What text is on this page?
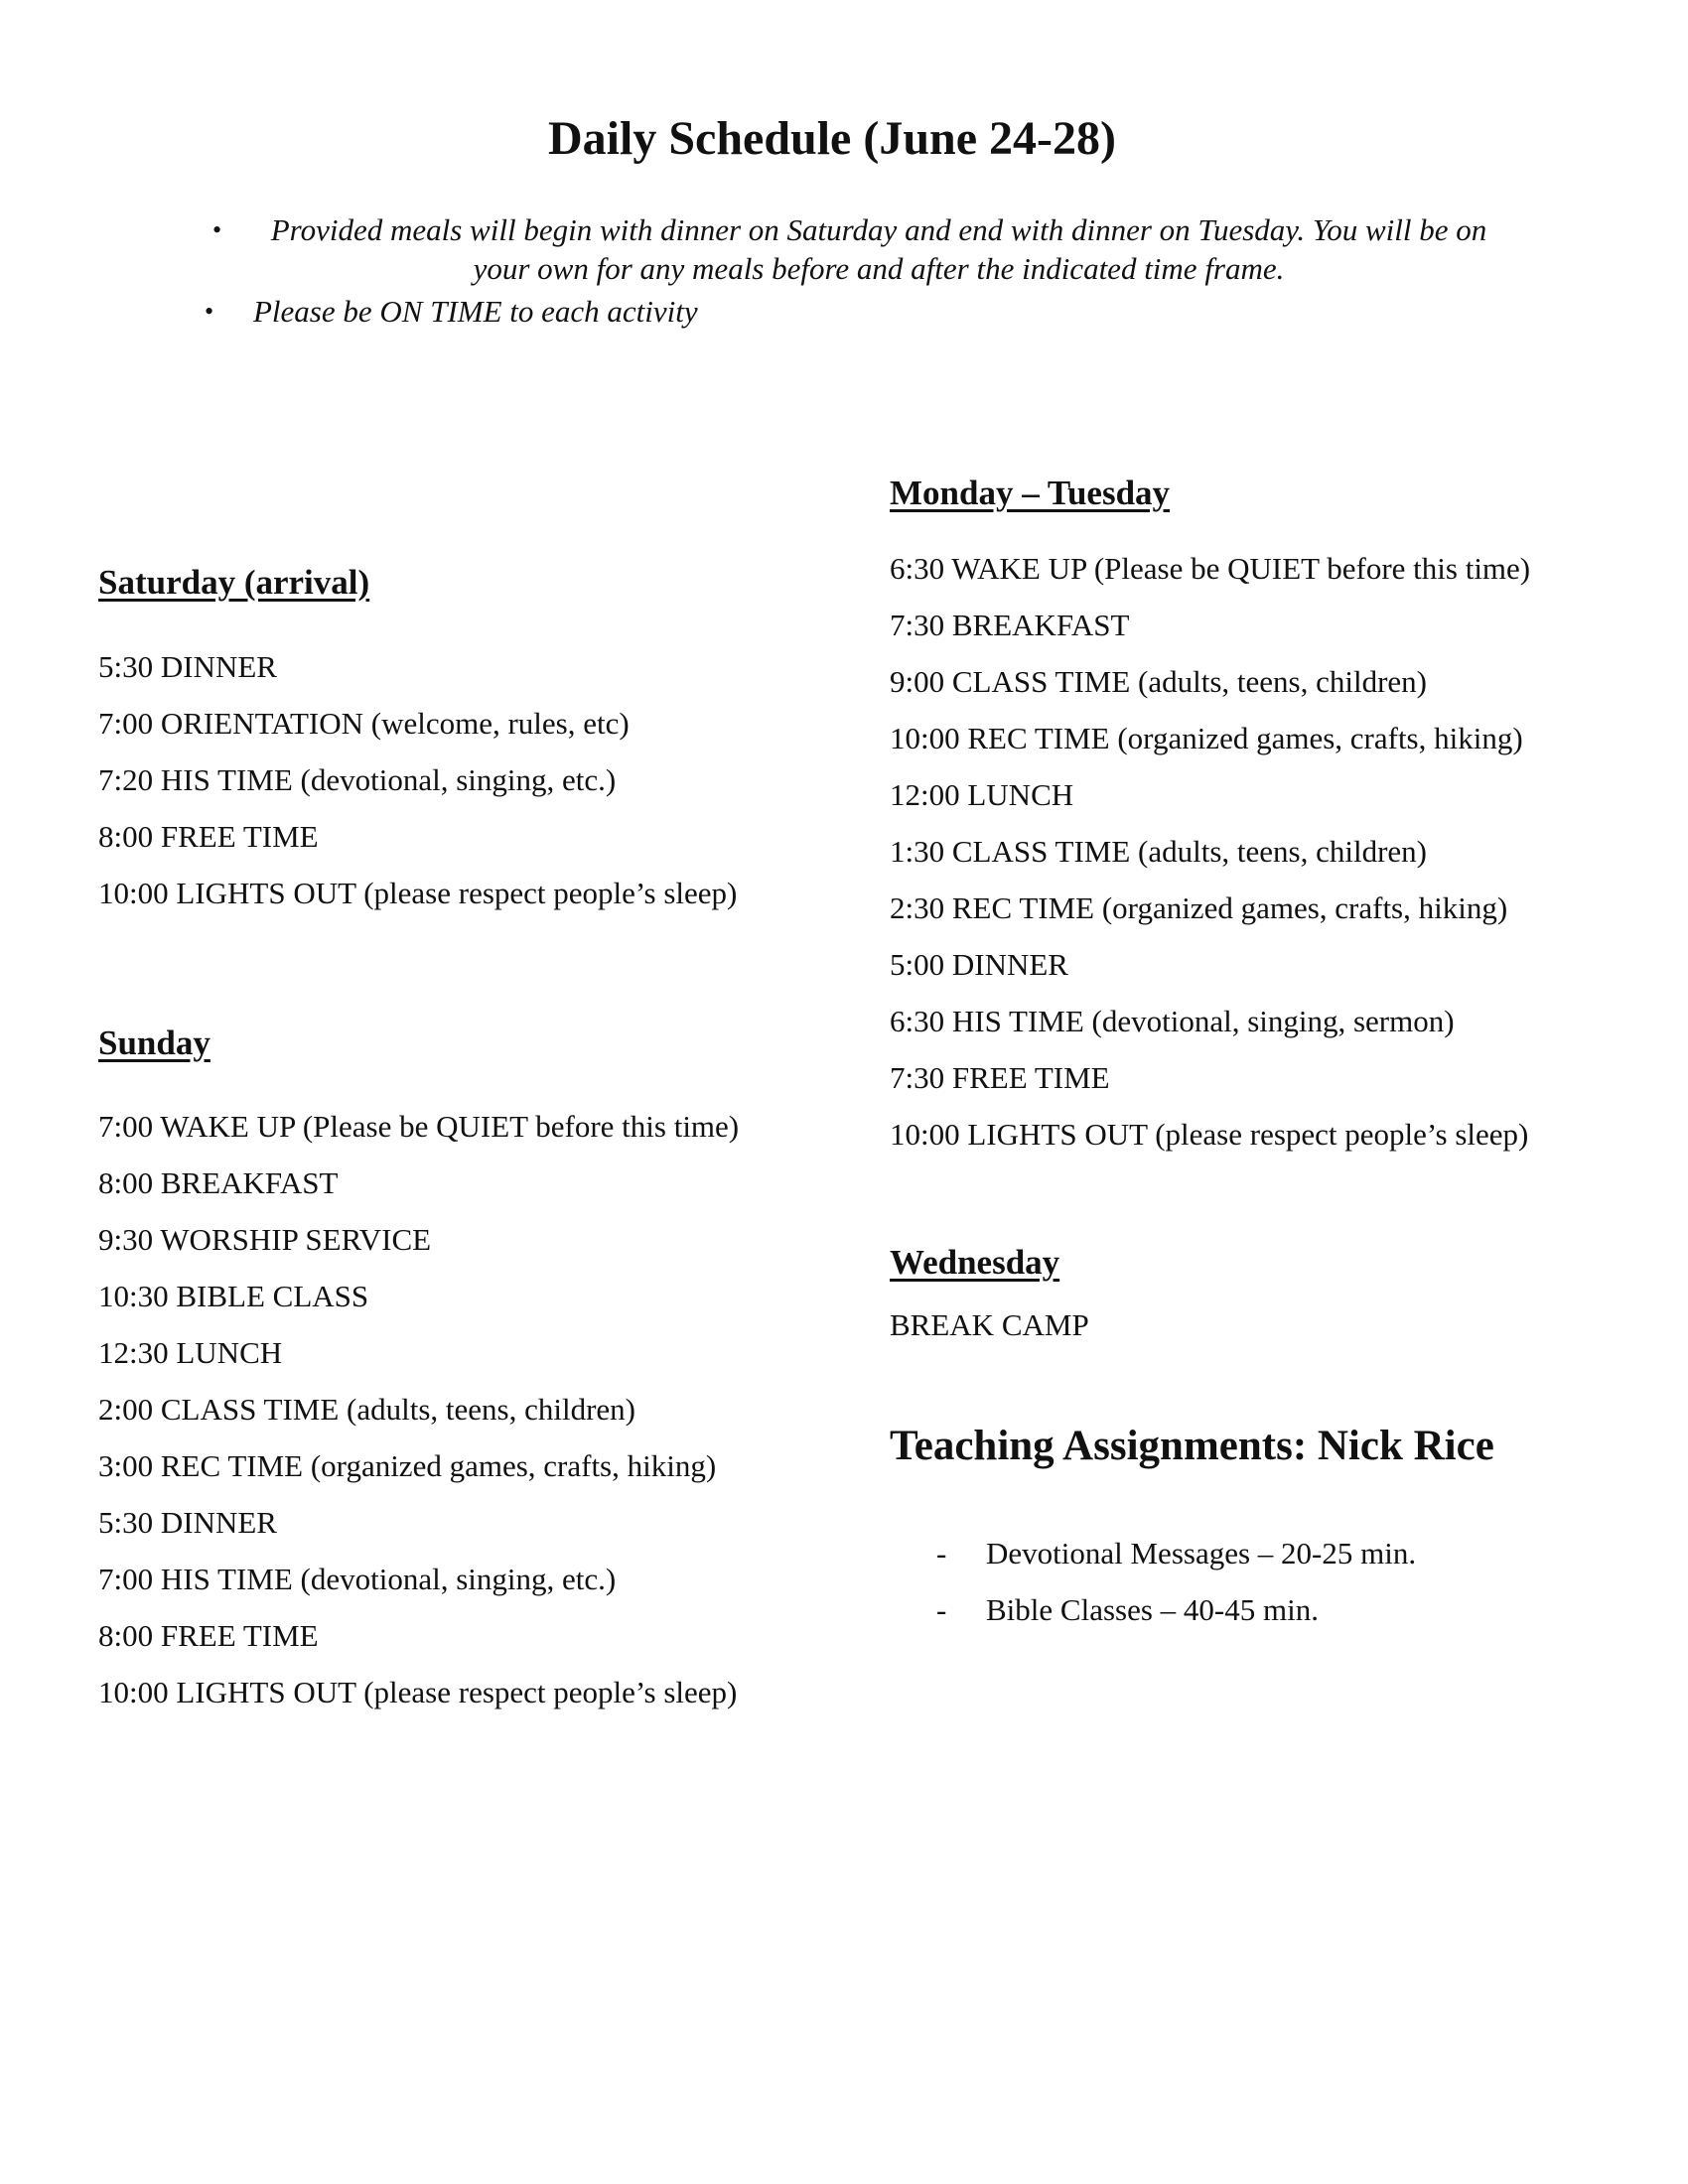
Daily Schedule (June 24-28)
•	Provided meals will begin with dinner on Saturday and end with dinner on Tuesday. You will be on your own for any meals before and after the indicated time frame.
• Please be ON TIME to each activity
Saturday (arrival)
5:30 DINNER
7:00 ORIENTATION (welcome, rules, etc)
7:20 HIS TIME (devotional, singing, etc.)
8:00 FREE TIME
10:00 LIGHTS OUT (please respect people’s sleep)
Sunday
7:00 WAKE UP (Please be QUIET before this time)
8:00 BREAKFAST
9:30 WORSHIP SERVICE
10:30 BIBLE CLASS
12:30 LUNCH
2:00 CLASS TIME (adults, teens, children)
3:00 REC TIME (organized games, crafts, hiking)
5:30 DINNER
7:00 HIS TIME (devotional, singing, etc.)
8:00 FREE TIME
10:00 LIGHTS OUT (please respect people’s sleep)
Monday – Tuesday
6:30 WAKE UP (Please be QUIET before this time)
7:30 BREAKFAST
9:00 CLASS TIME (adults, teens, children)
10:00 REC TIME (organized games, crafts, hiking)
12:00 LUNCH
1:30 CLASS TIME (adults, teens, children)
2:30 REC TIME (organized games, crafts, hiking)
5:00 DINNER
6:30 HIS TIME (devotional, singing, sermon)
7:30 FREE TIME
10:00 LIGHTS OUT (please respect people’s sleep)
Wednesday
BREAK CAMP
Teaching Assignments: Nick Rice
- Devotional Messages – 20-25 min.
- Bible Classes – 40-45 min.
